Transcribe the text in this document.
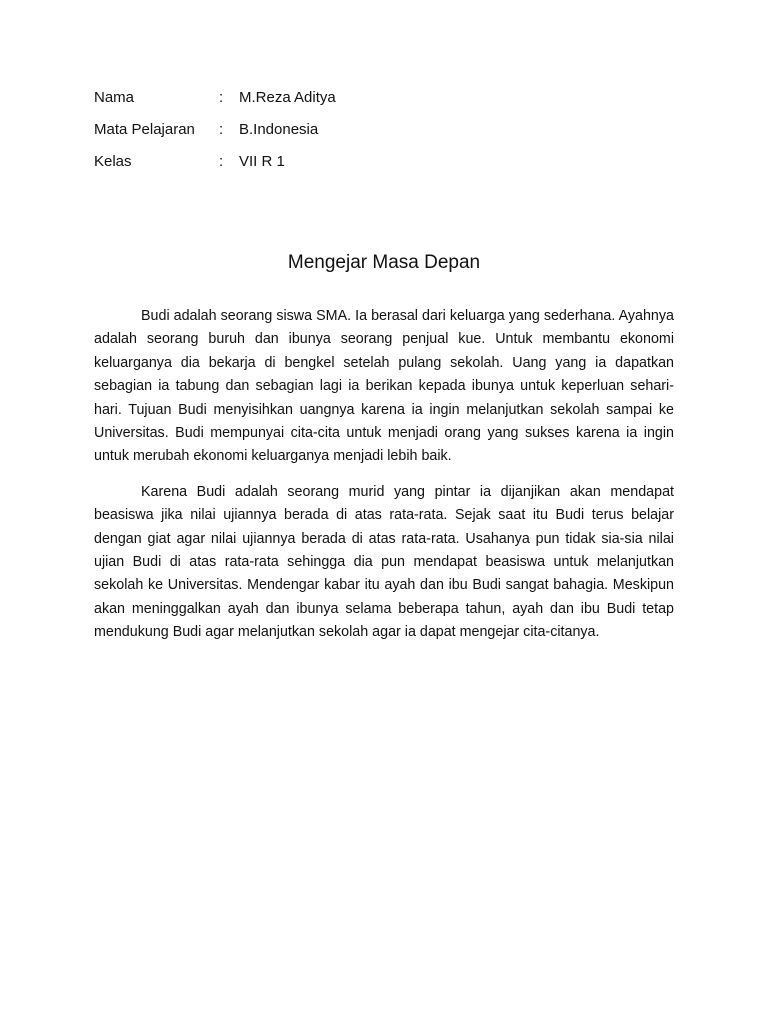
Nama	:	M.Reza Aditya
Mata Pelajaran	:	B.Indonesia
Kelas	:	VII R 1
Mengejar Masa Depan

Budi adalah seorang siswa SMA. Ia berasal dari keluarga yang sederhana. Ayahnya adalah seorang buruh dan ibunya seorang penjual kue. Untuk membantu ekonomi keluarganya dia bekarja di bengkel setelah pulang sekolah. Uang yang ia dapatkan sebagian ia tabung dan sebagian lagi ia berikan kepada ibunya untuk keperluan sehari-hari. Tujuan Budi menyisihkan uangnya karena ia ingin melanjutkan sekolah sampai ke Universitas. Budi mempunyai cita-cita untuk menjadi orang yang sukses karena ia ingin untuk merubah ekonomi keluarganya menjadi lebih baik.

Karena Budi adalah seorang murid yang pintar ia dijanjikan akan mendapat beasiswa jika nilai ujiannya berada di atas rata-rata. Sejak saat itu Budi terus belajar dengan giat agar nilai ujiannya berada di atas rata-rata. Usahanya pun tidak sia-sia nilai ujian Budi di atas rata-rata sehingga dia pun mendapat beasiswa untuk melanjutkan sekolah ke Universitas. Mendengar kabar itu ayah dan ibu Budi sangat bahagia. Meskipun akan meninggalkan ayah dan ibunya selama beberapa tahun, ayah dan ibu Budi tetap mendukung Budi agar melanjutkan sekolah agar ia dapat mengejar cita-citanya.
